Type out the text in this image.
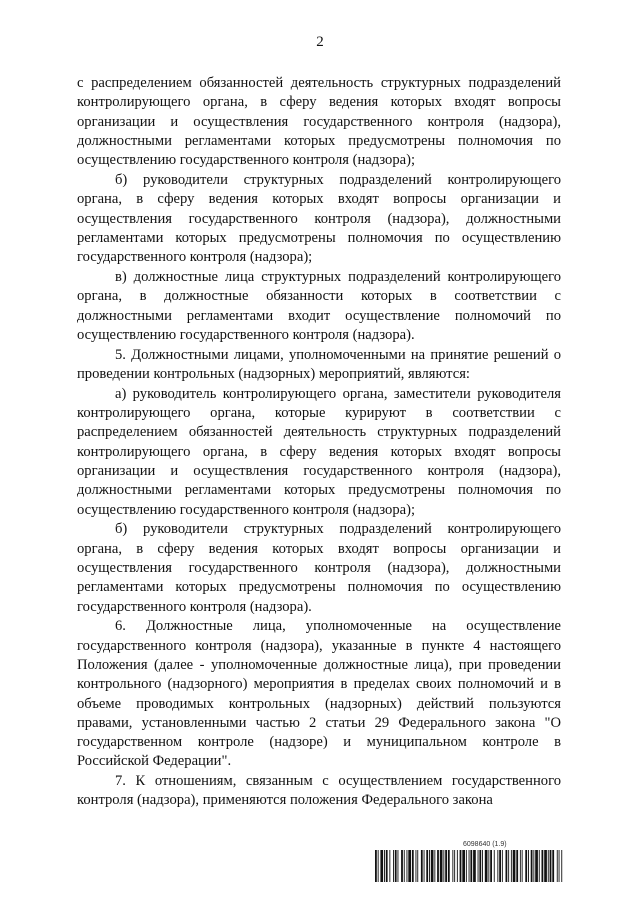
2

с распределением обязанностей деятельность структурных подразделений контролирующего органа, в сферу ведения которых входят вопросы организации и осуществления государственного контроля (надзора), должностными регламентами которых предусмотрены полномочия по осуществлению государственного контроля (надзора);

б) руководители структурных подразделений контролирующего органа, в сферу ведения которых входят вопросы организации и осуществления государственного контроля (надзора), должностными регламентами которых предусмотрены полномочия по осуществлению государственного контроля (надзора);

в) должностные лица структурных подразделений контролирующего органа, в должностные обязанности которых в соответствии с должностными регламентами входит осуществление полномочий по осуществлению государственного контроля (надзора).

5. Должностными лицами, уполномоченными на принятие решений о проведении контрольных (надзорных) мероприятий, являются:

а) руководитель контролирующего органа, заместители руководителя контролирующего органа, которые курируют в соответствии с распределением обязанностей деятельность структурных подразделений контролирующего органа, в сферу ведения которых входят вопросы организации и осуществления государственного контроля (надзора), должностными регламентами которых предусмотрены полномочия по осуществлению государственного контроля (надзора);

б) руководители структурных подразделений контролирующего органа, в сферу ведения которых входят вопросы организации и осуществления государственного контроля (надзора), должностными регламентами которых предусмотрены полномочия по осуществлению государственного контроля (надзора).

6. Должностные лица, уполномоченные на осуществление государственного контроля (надзора), указанные в пункте 4 настоящего Положения (далее - уполномоченные должностные лица), при проведении контрольного (надзорного) мероприятия в пределах своих полномочий и в объеме проводимых контрольных (надзорных) действий пользуются правами, установленными частью 2 статьи 29 Федерального закона "О государственном контроле (надзоре) и муниципальном контроле в Российской Федерации".

7. К отношениям, связанным с осуществлением государственного контроля (надзора), применяются положения Федерального закона

6098640 (1.9)
